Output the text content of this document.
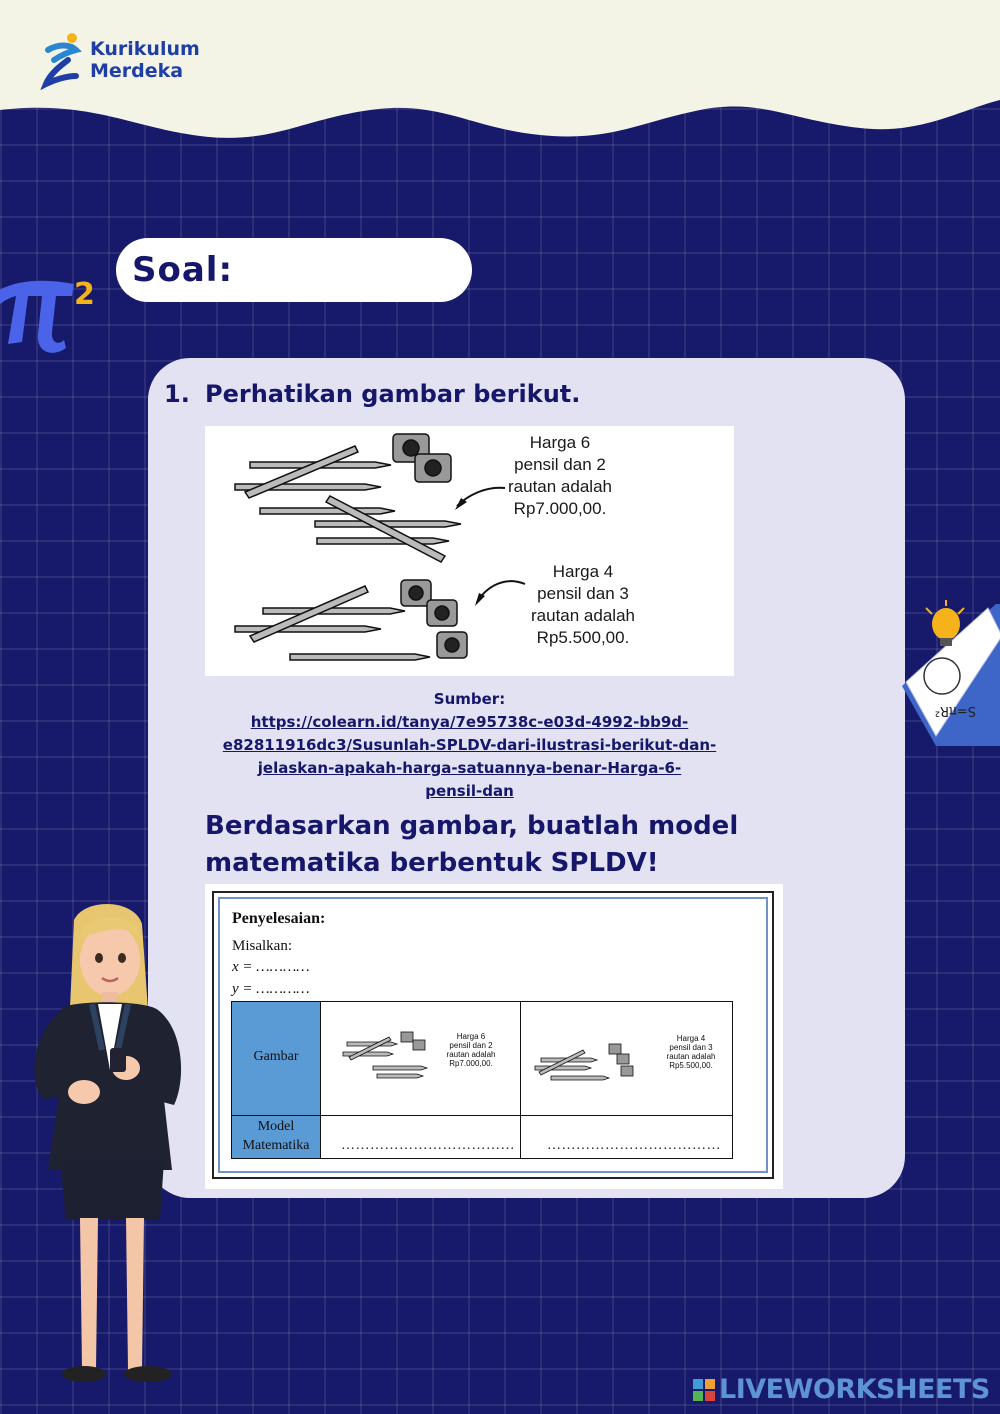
Kurikulum
Merdeka
2
Soal:
1. Perhatikan gambar berikut.
Harga 6
pensil dan 2
rautan adalah
Rp7.000,00.
Harga 4
pensil dan 3
rautan adalah
Rp5.500,00.
Sumber:
https://colearn.id/tanya/7e95738c-e03d-4992-bb9d-
e82811916dc3/Susunlah-SPLDV-dari-ilustrasi-berikut-dan-
jelaskan-apakah-harga-satuannya-benar-Harga-6-
pensil-dan
Berdasarkan gambar, buatlah model matematika berbentuk SPLDV!
Penyelesaian:
Misalkan:
x = …………
y = …………
Gambar
Harga 6
pensil dan 2
rautan adalah
Rp7.000,00.
Harga 4
pensil dan 3
rautan adalah
Rp5.500,00.
Model
Matematika	……………………………… ………………………………
S=πR²
LIVEWORKSHEETS
